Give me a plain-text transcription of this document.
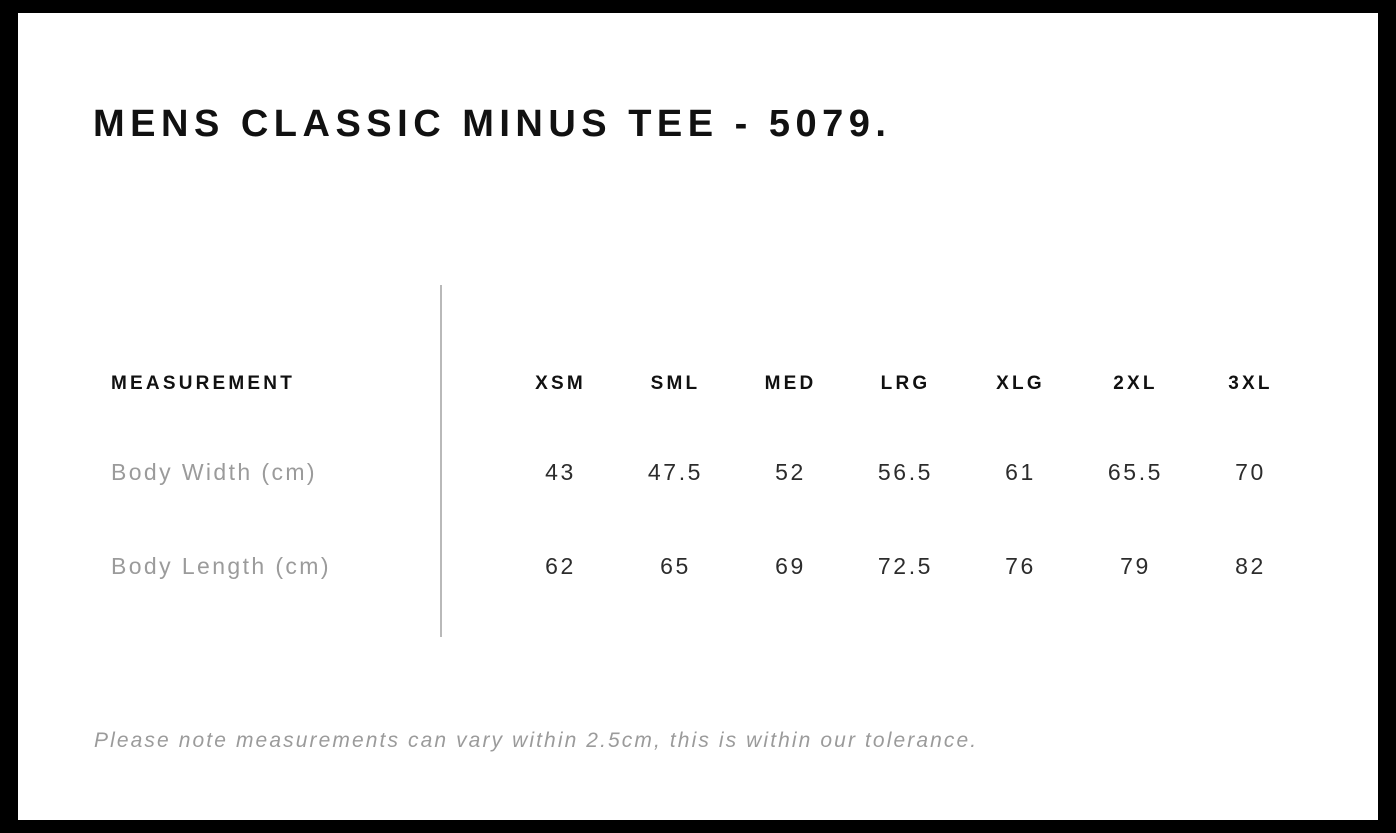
MENS CLASSIC MINUS TEE - 5079.
MEASUREMENT	XSM	SML	MED	LRG	XLG	2XL	3XL
Body Width (cm)	43	47.5	52	56.5	61	65.5	70
Body Length (cm)	62	65	69	72.5	76	79	82
Please note measurements can vary within 2.5cm, this is within our tolerance.
